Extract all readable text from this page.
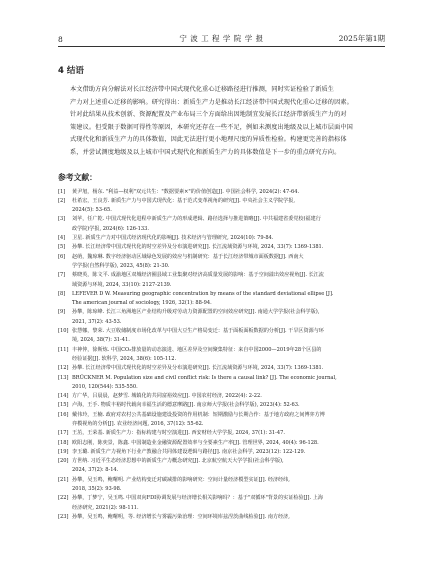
8	宁 波 工 程 学 院 学 报	2025年第1期
4 结语
本文借助方向分解法对长江经济带中国式现代化重心迁移路径进行推测，同时实证检验了新质生
产力对上述重心迁移的影响。研究得出：新质生产力是推动长江经济带中国式现代化重心迁移的因素。
针对此结果从技术创新、资源配置及产业布局三个方面给出因地制宜发展长江经济带新质生产力的对
策建议。但受限于数据可得性等原因，本研究还存在一些不足，例如未测度出地级及以上城市层面中国
式现代化和新质生产力的具体数值，因此无法进行更小地理尺度的异质性检验。构建更完善的指标体
系，并尝试测度地级及以上城市中国式现代化和新质生产力的具体数值是下一步的重点研究方向。
参考文献：
[1]	黄尹旭，杨东. "利益—权利"双元共生："数据要素×"的价值创造[J]. 中国社会科学, 2024(2): 47-64.
[2]	杜希宏，王良芳. 新质生产力与中国式现代化：基于范式变革视角的研究[J]. 中央社会主义学院学报,
2024(5): 53-65.
[3]	刘苹，任广乾. 中国式现代化进程中新质生产力的形成逻辑、路径选择与推进策略[J]. 中共福建省委党校(福建行
政学院)学报, 2024(6): 126-133.
[4]	卫星. 新质生产力对中国式经济现代化的影响[J]. 技术经济与管理研究, 2024(10): 79-84.
[5]	孙攀. 长江经济带中国式现代化的时空差异及分布演进研究[J]. 长江流域资源与环境, 2024, 33(7): 1369-1381.
[6]	赵萌，魏琼琳. 数字经济驱动区域绿色发展的效应与机制研究：基于长江经济带城市面板数据[J]. 西南大
学学报(自然科学版), 2023, 45(8): 21-30.
[7]	蔡晓英，陈文平. 成渝地区双城经济圈县域工业集聚对经济高质量发展的影响：基于空间溢出效应视角[J]. 长江流
域资源与环境, 2024, 33(10): 2127-2139.
[8]	LEFEVER D W. Measuring geographic concentration by means of the standard deviational ellipse [J].
The american journal of sociology, 1926, 32(1): 88-94.
[9]	孙攀，陈琼峰. 长江三角洲地区产业结构升级对劳动力资源配置的空间效应研究[J]. 南通大学学报(社会科学版),
2021, 37(2): 43-53.
[10] 张慧娜，黎荣. 大豆收储制度市场化改革与中国大豆生产格局变迁：基于面板面板数据的分析[J]. 干旱区资源与环
境, 2024, 38(7): 31-41.
[11] 丰神仲，徐斯炼. 中国CO₂排放量的动态演进、地区差异及空间聚集特征：来自中国2000—2019年28个区县的
经验证据[J]. 软科学, 2024, 38(6): 105-112.
[12] 孙攀. 长江经济带中国式现代化的时空差异及分布演进研究[J]. 长江流域资源与环境, 2024, 33(7): 1369-1381.
[13] BRÜCKNER M. Population size and civil conflict risk: Is there a causal link? [J]. The economic journal,
2010, 120(544): 535-550.
[14] 方广华，吕晨晨，赵梦雪. 城镇化的共同富裕效应[J]. 中国农村经济, 2022(4): 2-22.
[15] 卢海，王手. 物质丰裕时代载向幸福生活的德意摩路[J]. 南京师大学报(社会科学版), 2023(4): 52-63.
[16] 戴伟玲，王楠. 政府对农村公共基础设施建设投资的作用机制：短期激励与长期合作：基于地方政府之间博弈方博
弈模视角的分析[J]. 农业经济问题, 2016, 37(12): 55-62.
[17] 王茁，王荣基. 新质生产力：指标构建与时空演进[J]. 西安财经大学学报, 2024, 37(1): 31-47.
[18] 欧阳志刚，陈奕景，陈鑫. 中国制造业金融资源配置效率与全要素生产率[J]. 管理世界, 2024, 40(4): 96-128.
[19] 李玉璐. 新质生产力视角下行业产教融合共同体建设逻辑与路径[J]. 南京社会科学, 2023(12): 122-129.
[20] 方世纳. 习近平生态经济思想中的新质生产力概念研究[J]. 北京航空航天大学学报(社会科学版),
2024, 37(2): 8-14.
[21] 孙攀，吴玉鸣，鲍曙明. 产业结构变迁对碳减排的影响研究：空间计量经济模型实证[J]. 经济经纬,
2018, 35(2): 93-98.
[22] 孙攀，丁梦宁，吴玉鸣. 中国双向FDI协调发展与经济增长相关影响吗？：基于"双循环"背景的实证检验[J]. 上海
经济研究, 2021(2): 98-111.
[23] 孙攀，吴玉鸣，鲍曙明，等. 经济增长与雾霾污染治理：空间环境库兹涅茨曲线检验[J]. 南方经济,
